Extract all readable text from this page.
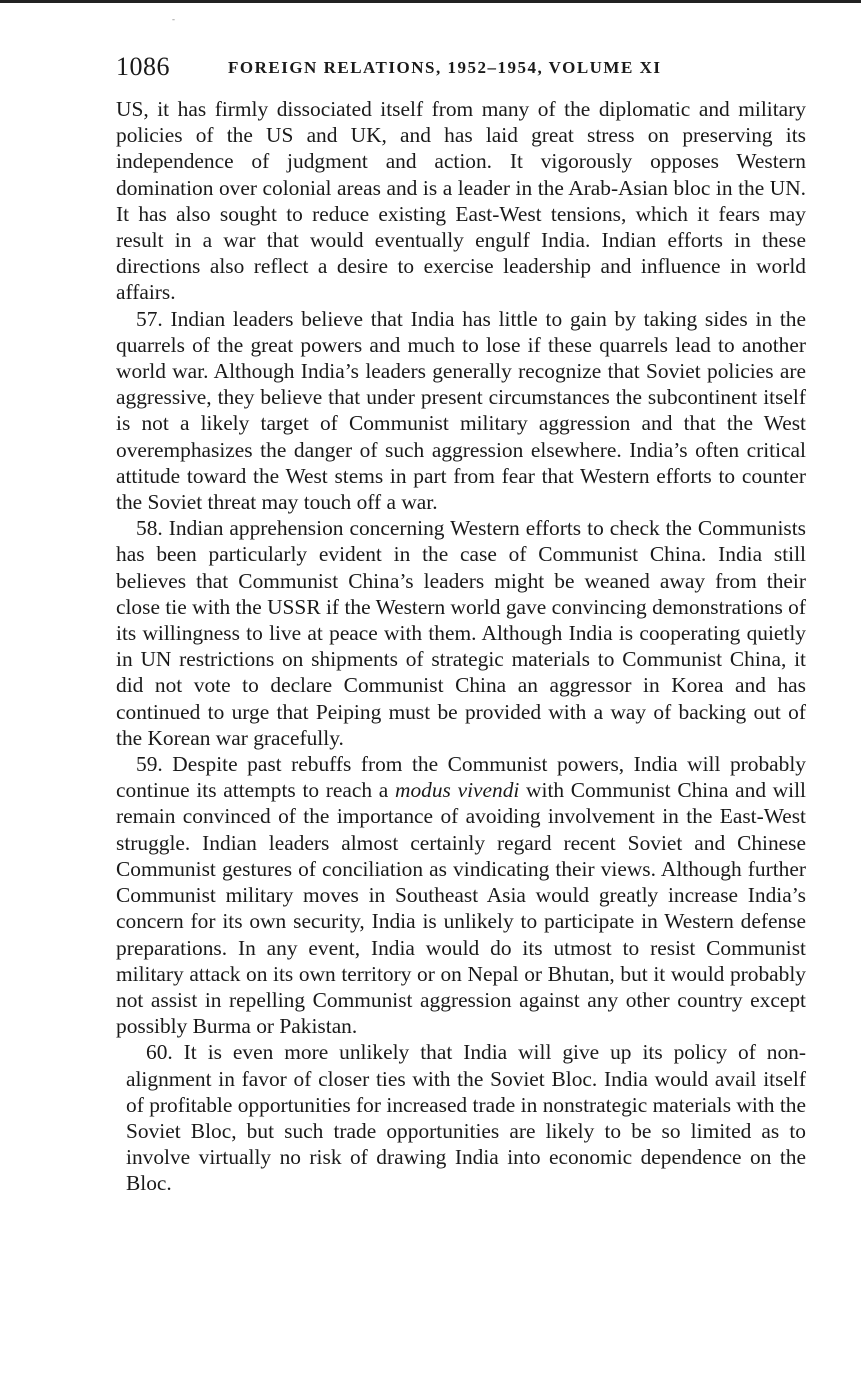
-
1086	FOREIGN RELATIONS, 1952–1954, VOLUME XI

US, it has firmly dissociated itself from many of the diplomatic and military policies of the US and UK, and has laid great stress on preserving its independence of judgment and action. It vigorously opposes Western domination over colonial areas and is a leader in the Arab-Asian bloc in the UN. It has also sought to reduce existing East-West tensions, which it fears may result in a war that would eventually engulf India. Indian efforts in these directions also reflect a desire to exercise leadership and influence in world affairs.

57. Indian leaders believe that India has little to gain by taking sides in the quarrels of the great powers and much to lose if these quarrels lead to another world war. Although India’s leaders generally recognize that Soviet policies are aggressive, they believe that under present circumstances the subcontinent itself is not a likely target of Communist military aggression and that the West overemphasizes the danger of such aggression elsewhere. India’s often critical attitude toward the West stems in part from fear that Western efforts to counter the Soviet threat may touch off a war.

58. Indian apprehension concerning Western efforts to check the Communists has been particularly evident in the case of Communist China. India still believes that Communist China’s leaders might be weaned away from their close tie with the USSR if the Western world gave convincing demonstrations of its willingness to live at peace with them. Although India is cooperating quietly in UN restrictions on shipments of strategic materials to Communist China, it did not vote to declare Communist China an aggressor in Korea and has continued to urge that Peiping must be provided with a way of backing out of the Korean war gracefully.

59. Despite past rebuffs from the Communist powers, India will probably continue its attempts to reach a modus vivendi with Communist China and will remain convinced of the importance of avoiding involvement in the East-West struggle. Indian leaders almost certainly regard recent Soviet and Chinese Communist gestures of conciliation as vindicating their views. Although further Communist military moves in Southeast Asia would greatly increase India’s concern for its own security, India is unlikely to participate in Western defense preparations. In any event, India would do its utmost to resist Communist military attack on its own territory or on Nepal or Bhutan, but it would probably not assist in repelling Communist aggression against any other country except possibly Burma or Pakistan.

60. It is even more unlikely that India will give up its policy of nonalignment in favor of closer ties with the Soviet Bloc. India would avail itself of profitable opportunities for increased trade in nonstrategic materials with the Soviet Bloc, but such trade opportunities are likely to be so limited as to involve virtually no risk of drawing India into economic dependence on the Bloc.
